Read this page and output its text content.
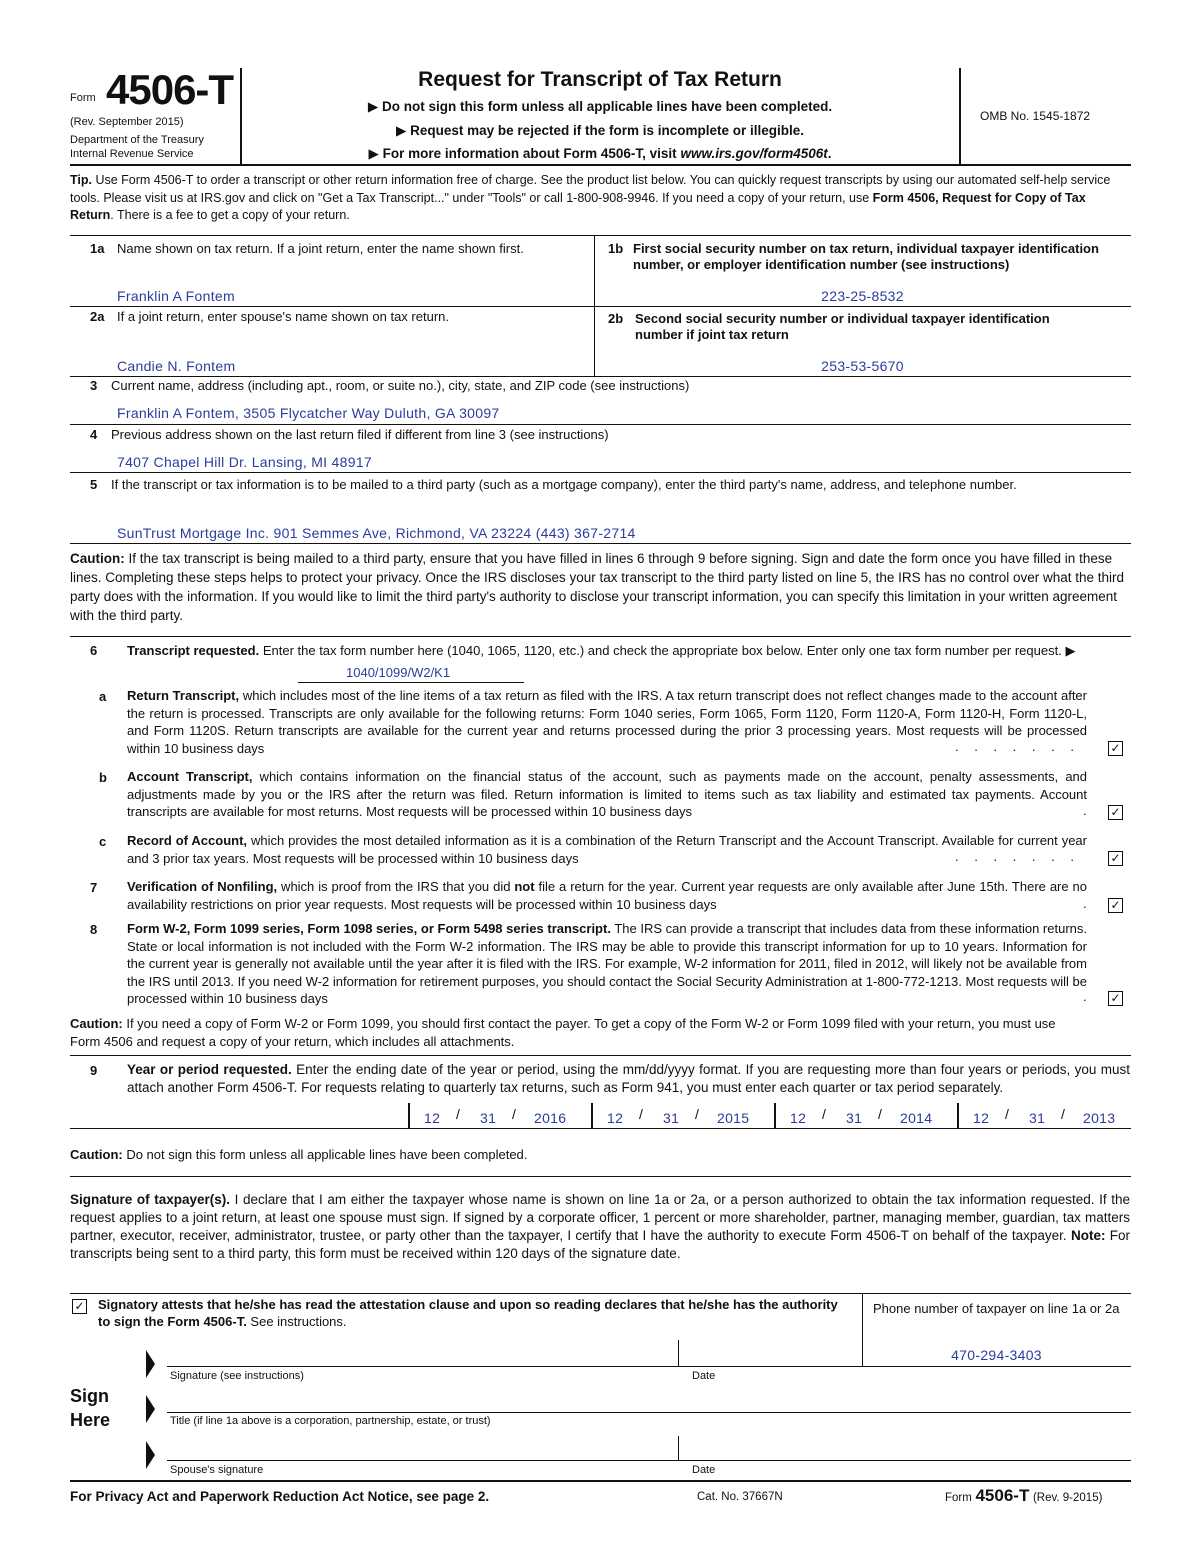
Form 4506-T
(Rev. September 2015)
Department of the Treasury
Internal Revenue Service
Request for Transcript of Tax Return
▶ Do not sign this form unless all applicable lines have been completed.
▶ Request may be rejected if the form is incomplete or illegible.
▶ For more information about Form 4506-T, visit www.irs.gov/form4506t.
OMB No. 1545-1872
Tip. Use Form 4506-T to order a transcript or other return information free of charge. See the product list below. You can quickly request transcripts by using our automated self-help service tools. Please visit us at IRS.gov and click on "Get a Tax Transcript..." under "Tools" or call 1-800-908-9946. If you need a copy of your return, use Form 4506, Request for Copy of Tax Return. There is a fee to get a copy of your return.
1a Name shown on tax return. If a joint return, enter the name shown first.
Franklin A Fontem
1b First social security number on tax return, individual taxpayer identification number, or employer identification number (see instructions)
223-25-8532
2a If a joint return, enter spouse's name shown on tax return.
Candie N. Fontem
2b Second social security number or individual taxpayer identification number if joint tax return
253-53-5670
3 Current name, address (including apt., room, or suite no.), city, state, and ZIP code (see instructions)
Franklin A Fontem, 3505 Flycatcher Way Duluth, GA 30097
4 Previous address shown on the last return filed if different from line 3 (see instructions)
7407 Chapel Hill Dr. Lansing, MI 48917
5 If the transcript or tax information is to be mailed to a third party (such as a mortgage company), enter the third party's name, address, and telephone number.
SunTrust Mortgage Inc. 901 Semmes Ave, Richmond, VA 23224 (443) 367-2714
Caution: If the tax transcript is being mailed to a third party, ensure that you have filled in lines 6 through 9 before signing. Sign and date the form once you have filled in these lines. Completing these steps helps to protect your privacy. Once the IRS discloses your tax transcript to the third party listed on line 5, the IRS has no control over what the third party does with the information. If you would like to limit the third party's authority to disclose your transcript information, you can specify this limitation in your written agreement with the third party.
6 Transcript requested. Enter the tax form number here (1040, 1065, 1120, etc.) and check the appropriate box below. Enter only one tax form number per request. ▶
1040/1099/W2/K1
a Return Transcript, which includes most of the line items of a tax return as filed with the IRS. A tax return transcript does not reflect changes made to the account after the return is processed. Transcripts are only available for the following returns: Form 1040 series, Form 1065, Form 1120, Form 1120-A, Form 1120-H, Form 1120-L, and Form 1120S. Return transcripts are available for the current year and returns processed during the prior 3 processing years. Most requests will be processed within 10 business days	. . . . . . .	✓
b Account Transcript, which contains information on the financial status of the account, such as payments made on the account, penalty assessments, and adjustments made by you or the IRS after the return was filed. Return information is limited to items such as tax liability and estimated tax payments. Account transcripts are available for most returns. Most requests will be processed within 10 business days	. ✓
c Record of Account, which provides the most detailed information as it is a combination of the Return Transcript and the Account Transcript. Available for current year and 3 prior tax years. Most requests will be processed within 10 business days	. . . . . . .	✓
7 Verification of Nonfiling, which is proof from the IRS that you did not file a return for the year. Current year requests are only available after June 15th. There are no availability restrictions on prior year requests. Most requests will be processed within 10 business days	. ✓
8 Form W-2, Form 1099 series, Form 1098 series, or Form 5498 series transcript. The IRS can provide a transcript that includes data from these information returns. State or local information is not included with the Form W-2 information. The IRS may be able to provide this transcript information for up to 10 years. Information for the current year is generally not available until the year after it is filed with the IRS. For example, W-2 information for 2011, filed in 2012, will likely not be available from the IRS until 2013. If you need W-2 information for retirement purposes, you should contact the Social Security Administration at 1-800-772-1213. Most requests will be processed within 10 business days	. ✓
Caution: If you need a copy of Form W-2 or Form 1099, you should first contact the payer. To get a copy of the Form W-2 or Form 1099 filed with your return, you must use Form 4506 and request a copy of your return, which includes all attachments.
9 Year or period requested. Enter the ending date of the year or period, using the mm/dd/yyyy format. If you are requesting more than four years or periods, you must attach another Form 4506-T. For requests relating to quarterly tax returns, such as Form 941, you must enter each quarter or tax period separately.
12 / 31 / 2016	12 / 31 / 2015	12 / 31 / 2014	12 / 31 / 2013
Caution: Do not sign this form unless all applicable lines have been completed.
Signature of taxpayer(s). I declare that I am either the taxpayer whose name is shown on line 1a or 2a, or a person authorized to obtain the tax information requested. If the request applies to a joint return, at least one spouse must sign. If signed by a corporate officer, 1 percent or more shareholder, partner, managing member, guardian, tax matters partner, executor, receiver, administrator, trustee, or party other than the taxpayer, I certify that I have the authority to execute Form 4506-T on behalf of the taxpayer. Note: For transcripts being sent to a third party, this form must be received within 120 days of the signature date.
✓ Signatory attests that he/she has read the attestation clause and upon so reading declares that he/she has the authority to sign the Form 4506-T. See instructions.
Phone number of taxpayer on line 1a or 2a
470-294-3403
Sign
Here
Signature (see instructions)	Date
Title (if line 1a above is a corporation, partnership, estate, or trust)
Spouse's signature	Date
For Privacy Act and Paperwork Reduction Act Notice, see page 2.	Cat. No. 37667N	Form 4506-T (Rev. 9-2015)
